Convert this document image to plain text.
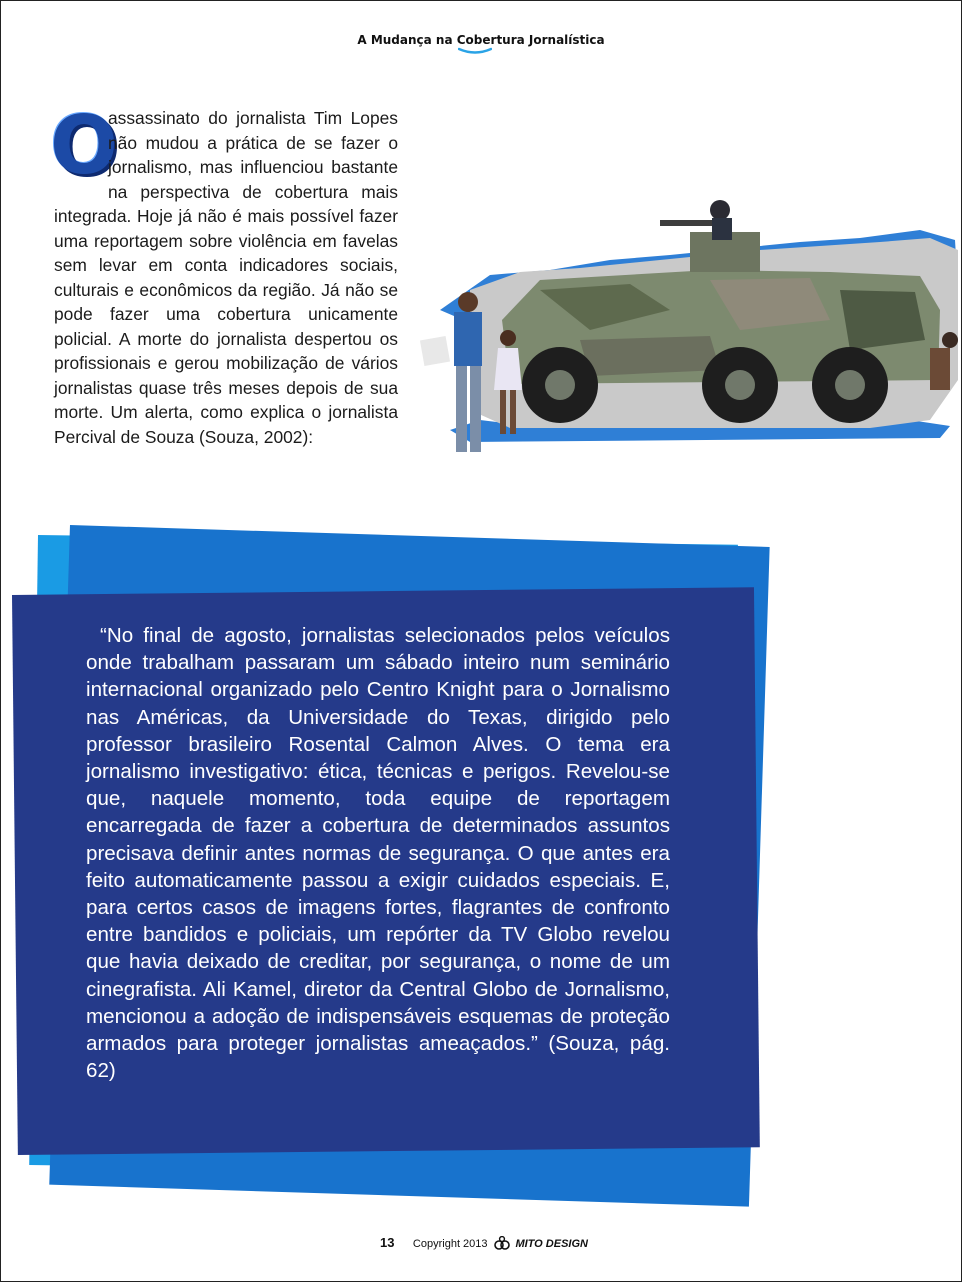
A Mudança na Cobertura Jornalística
O
assassinato do jornalista Tim Lopes não mudou a prática de se fazer o jornalismo, mas influenciou bastante na perspectiva de cobertura mais integrada. Hoje já não é mais possível fazer uma reportagem sobre violência em favelas sem levar em conta indicadores sociais, culturais e econômicos da região. Já não se pode fazer uma cobertura unicamente policial. A morte do jornalista despertou os profissionais e gerou mobilização de vários jornalistas quase três meses depois de sua morte. Um alerta, como explica o jornalista Percival de Souza (Souza, 2002):
“No final de agosto, jornalistas selecionados pelos veículos onde trabalham passaram um sábado inteiro num seminário internacional organizado pelo Centro Knight para o Jornalismo nas Américas, da Universidade do Texas, dirigido pelo professor brasileiro Rosental Calmon Alves. O tema era jornalismo investigativo: ética, técnicas e perigos. Revelou-se que, naquele momento, toda equipe de reportagem encarregada de fazer a cobertura de determinados assuntos precisava definir antes normas de segurança. O que antes era feito automaticamente passou a exigir cuidados especiais. E, para certos casos de imagens fortes, flagrantes de confronto entre bandidos e policiais, um repórter da TV Globo revelou que havia deixado de creditar, por segurança, o nome de um cinegrafista. Ali Kamel, diretor da Central Globo de Jornalismo, mencionou a adoção de indispensáveis esquemas de proteção armados para proteger jornalistas ameaçados.” (Souza, pág. 62)
13 Copyright 2013	MITO DESIGN
